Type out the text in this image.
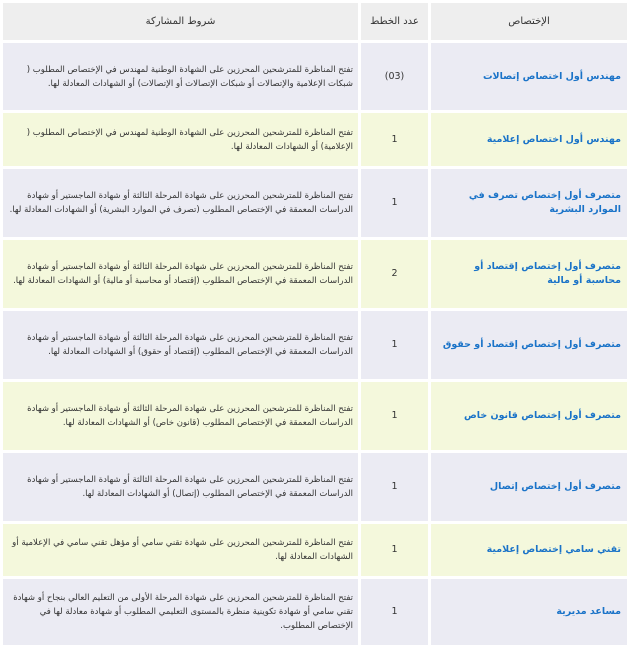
الإختصاص	عدد الخطط	شروط المشاركة
مهندس أول اختصاص إتصالات	(03)	تفتح المناظرة للمترشحين المحرزين على الشهادة الوطنية لمهندس في الإختصاص المطلوب ( شبكات الإعلامية والإتصالات أو شبكات الإتصالات أو الإتصالات) أو الشهادات المعادلة لها.
مهندس أول اختصاص إعلامية	1	تفتح المناظرة للمترشحين المحرزين على الشهادة الوطنية لمهندس في الإختصاص المطلوب ( الإعلامية) أو الشهادات المعادلة لها.
متصرف أول إختصاص تصرف في الموارد البشرية	1	تفتح المناظرة للمترشحين المحرزين على شهادة المرحلة الثالثة أو شهادة الماجستير أو شهادة الدراسات المعمقة في الإختصاص المطلوب (تصرف في الموارد البشرية) أو الشهادات المعادلة لها.
متصرف أول إختصاص إقتصاد أو محاسبة أو مالية	2	تفتح المناظرة للمترشحين المحرزين على شهادة المرحلة الثالثة أو شهادة الماجستير أو شهادة الدراسات المعمقة في الإختصاص المطلوب (إقتصاد أو محاسبة أو مالية) أو الشهادات المعادلة لها.
متصرف أول إختصاص إقتصاد أو حقوق	1	تفتح المناظرة للمترشحين المحرزين على شهادة المرحلة الثالثة أو شهادة الماجستير أو شهادة الدراسات المعمقة في الإختصاص المطلوب (إقتصاد أو حقوق) أو الشهادات المعادلة لها.
متصرف أول إختصاص قانون خاص	1	تفتح المناظرة للمترشحين المحرزين على شهادة المرحلة الثالثة أو شهادة الماجستير أو شهادة الدراسات المعمقة في الإختصاص المطلوب (قانون خاص) أو الشهادات المعادلة لها.
متصرف أول إختصاص إتصال	1	تفتح المناظرة للمترشحين المحرزين على شهادة المرحلة الثالثة أو شهادة الماجستير أو شهادة الدراسات المعمقة في الإختصاص المطلوب (إتصال) أو الشهادات المعادلة لها.
تقني سامي إختصاص إعلامية	1	تفتح المناظرة للمترشحين المحرزين على شهادة تقني سامي أو مؤهل تقني سامي في الإعلامية أو الشهادات المعادلة لها.
مساعد مديرية	1	تفتح المناظرة للمترشحين المحرزين على شهادة المرحلة الأولى من التعليم العالي بنجاح أو شهادة تقني سامي أو شهادة تكوينية منظرة بالمستوى التعليمي المطلوب أو شهادة معادلة لها في الإختصاص المطلوب.
